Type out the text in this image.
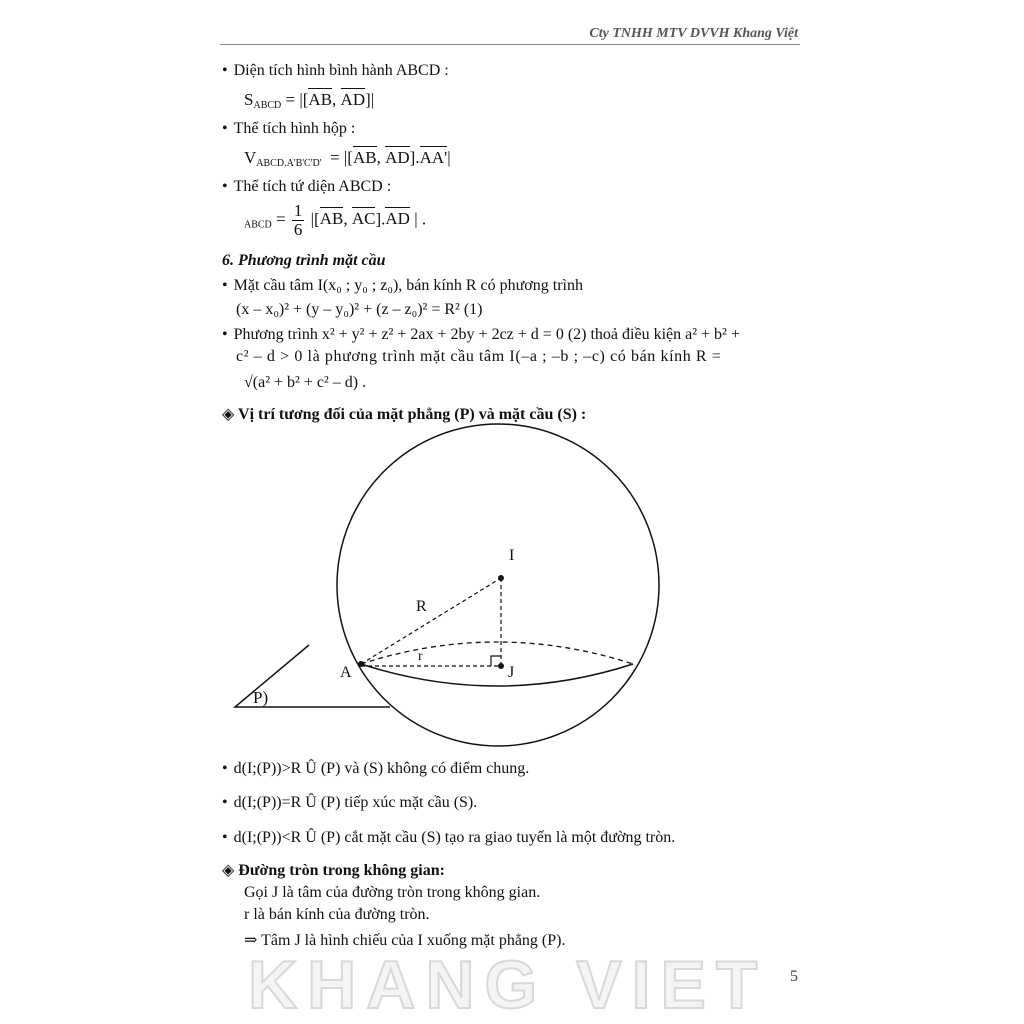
Cty TNHH MTV DVVH Khang Việt
• Diện tích hình bình hành ABCD :
$S_{ABCD} = |[AB$, AD]|
• Thể tích hình hộp :
$V_{ABCD.A'B'C'D'} = |[AB$, AD].AA'|
• Thể tích tứ diện ABCD :
$_{ABCD} = \frac{1}{6} |[AB$, AC].AD | .
6. Phương trình mặt cầu
• Mặt cầu tâm I(x₀ ; y₀ ; z₀), bán kính R có phương trình
(x – x₀)² + (y – y₀)² + (z – z₀)² = R² (1)
• Phương trình x² + y² + z² + 2ax + 2by + 2cz + d = 0 (2) thoả điều kiện a² + b² +
c² – d > 0 là phương trình mặt cầu tâm I(–a ; –b ; –c) có bán kính R =
√(a² + b² + c² – d) .
◈ Vị trí tương đối của mặt phẳng (P) và mặt cầu (S) :
I
R
r
A	J
P)
• d(I;(P))>R Û (P) và (S) không có điểm chung.
• d(I;(P))=R Û (P) tiếp xúc mặt cầu (S).
• d(I;(P))<R Û (P) cắt mặt cầu (S) tạo ra giao tuyến là một đường tròn.
◈ Đường tròn trong không gian:
Gọi J là tâm của đường tròn trong không gian.
r là bán kính của đường tròn.
⇒ Tâm J là hình chiếu của I xuống mặt phẳng (P).
KHANG VIET 5
